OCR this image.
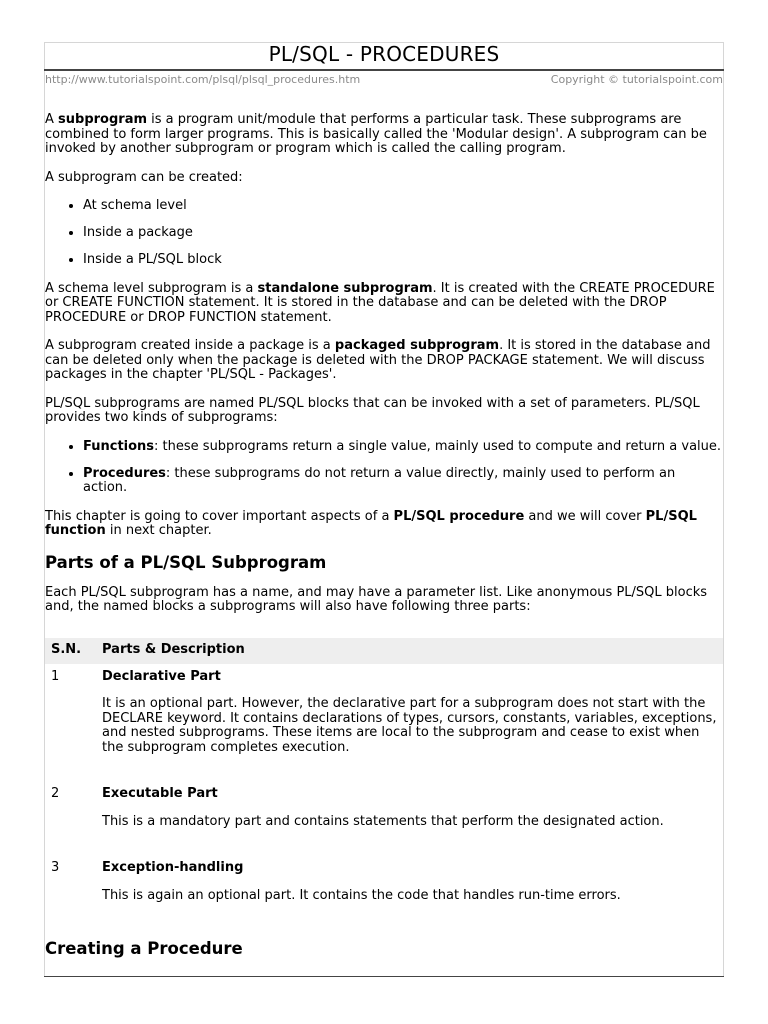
PL/SQL - PROCEDURES
http://www.tutorialspoint.com/plsql/plsql_procedures.htm	Copyright © tutorialspoint.com

A subprogram is a program unit/module that performs a particular task. These subprograms are combined to form larger programs. This is basically called the 'Modular design'. A subprogram can be invoked by another subprogram or program which is called the calling program.

A subprogram can be created:

• At schema level
• Inside a package
• Inside a PL/SQL block

A schema level subprogram is a standalone subprogram. It is created with the CREATE PROCEDURE or CREATE FUNCTION statement. It is stored in the database and can be deleted with the DROP PROCEDURE or DROP FUNCTION statement.

A subprogram created inside a package is a packaged subprogram. It is stored in the database and can be deleted only when the package is deleted with the DROP PACKAGE statement. We will discuss packages in the chapter 'PL/SQL - Packages'.

PL/SQL subprograms are named PL/SQL blocks that can be invoked with a set of parameters. PL/SQL provides two kinds of subprograms:

• Functions: these subprograms return a single value, mainly used to compute and return a value.
• Procedures: these subprograms do not return a value directly, mainly used to perform an action.

This chapter is going to cover important aspects of a PL/SQL procedure and we will cover PL/SQL function in next chapter.

Parts of a PL/SQL Subprogram

Each PL/SQL subprogram has a name, and may have a parameter list. Like anonymous PL/SQL blocks and, the named blocks a subprograms will also have following three parts:

S.N.	Parts & Description
1	Declarative Part
It is an optional part. However, the declarative part for a subprogram does not start with the DECLARE keyword. It contains declarations of types, cursors, constants, variables, exceptions, and nested subprograms. These items are local to the subprogram and cease to exist when the subprogram completes execution.

2	Executable Part
This is a mandatory part and contains statements that perform the designated action.

3	Exception-handling
This is again an optional part. It contains the code that handles run-time errors.
Creating a Procedure
